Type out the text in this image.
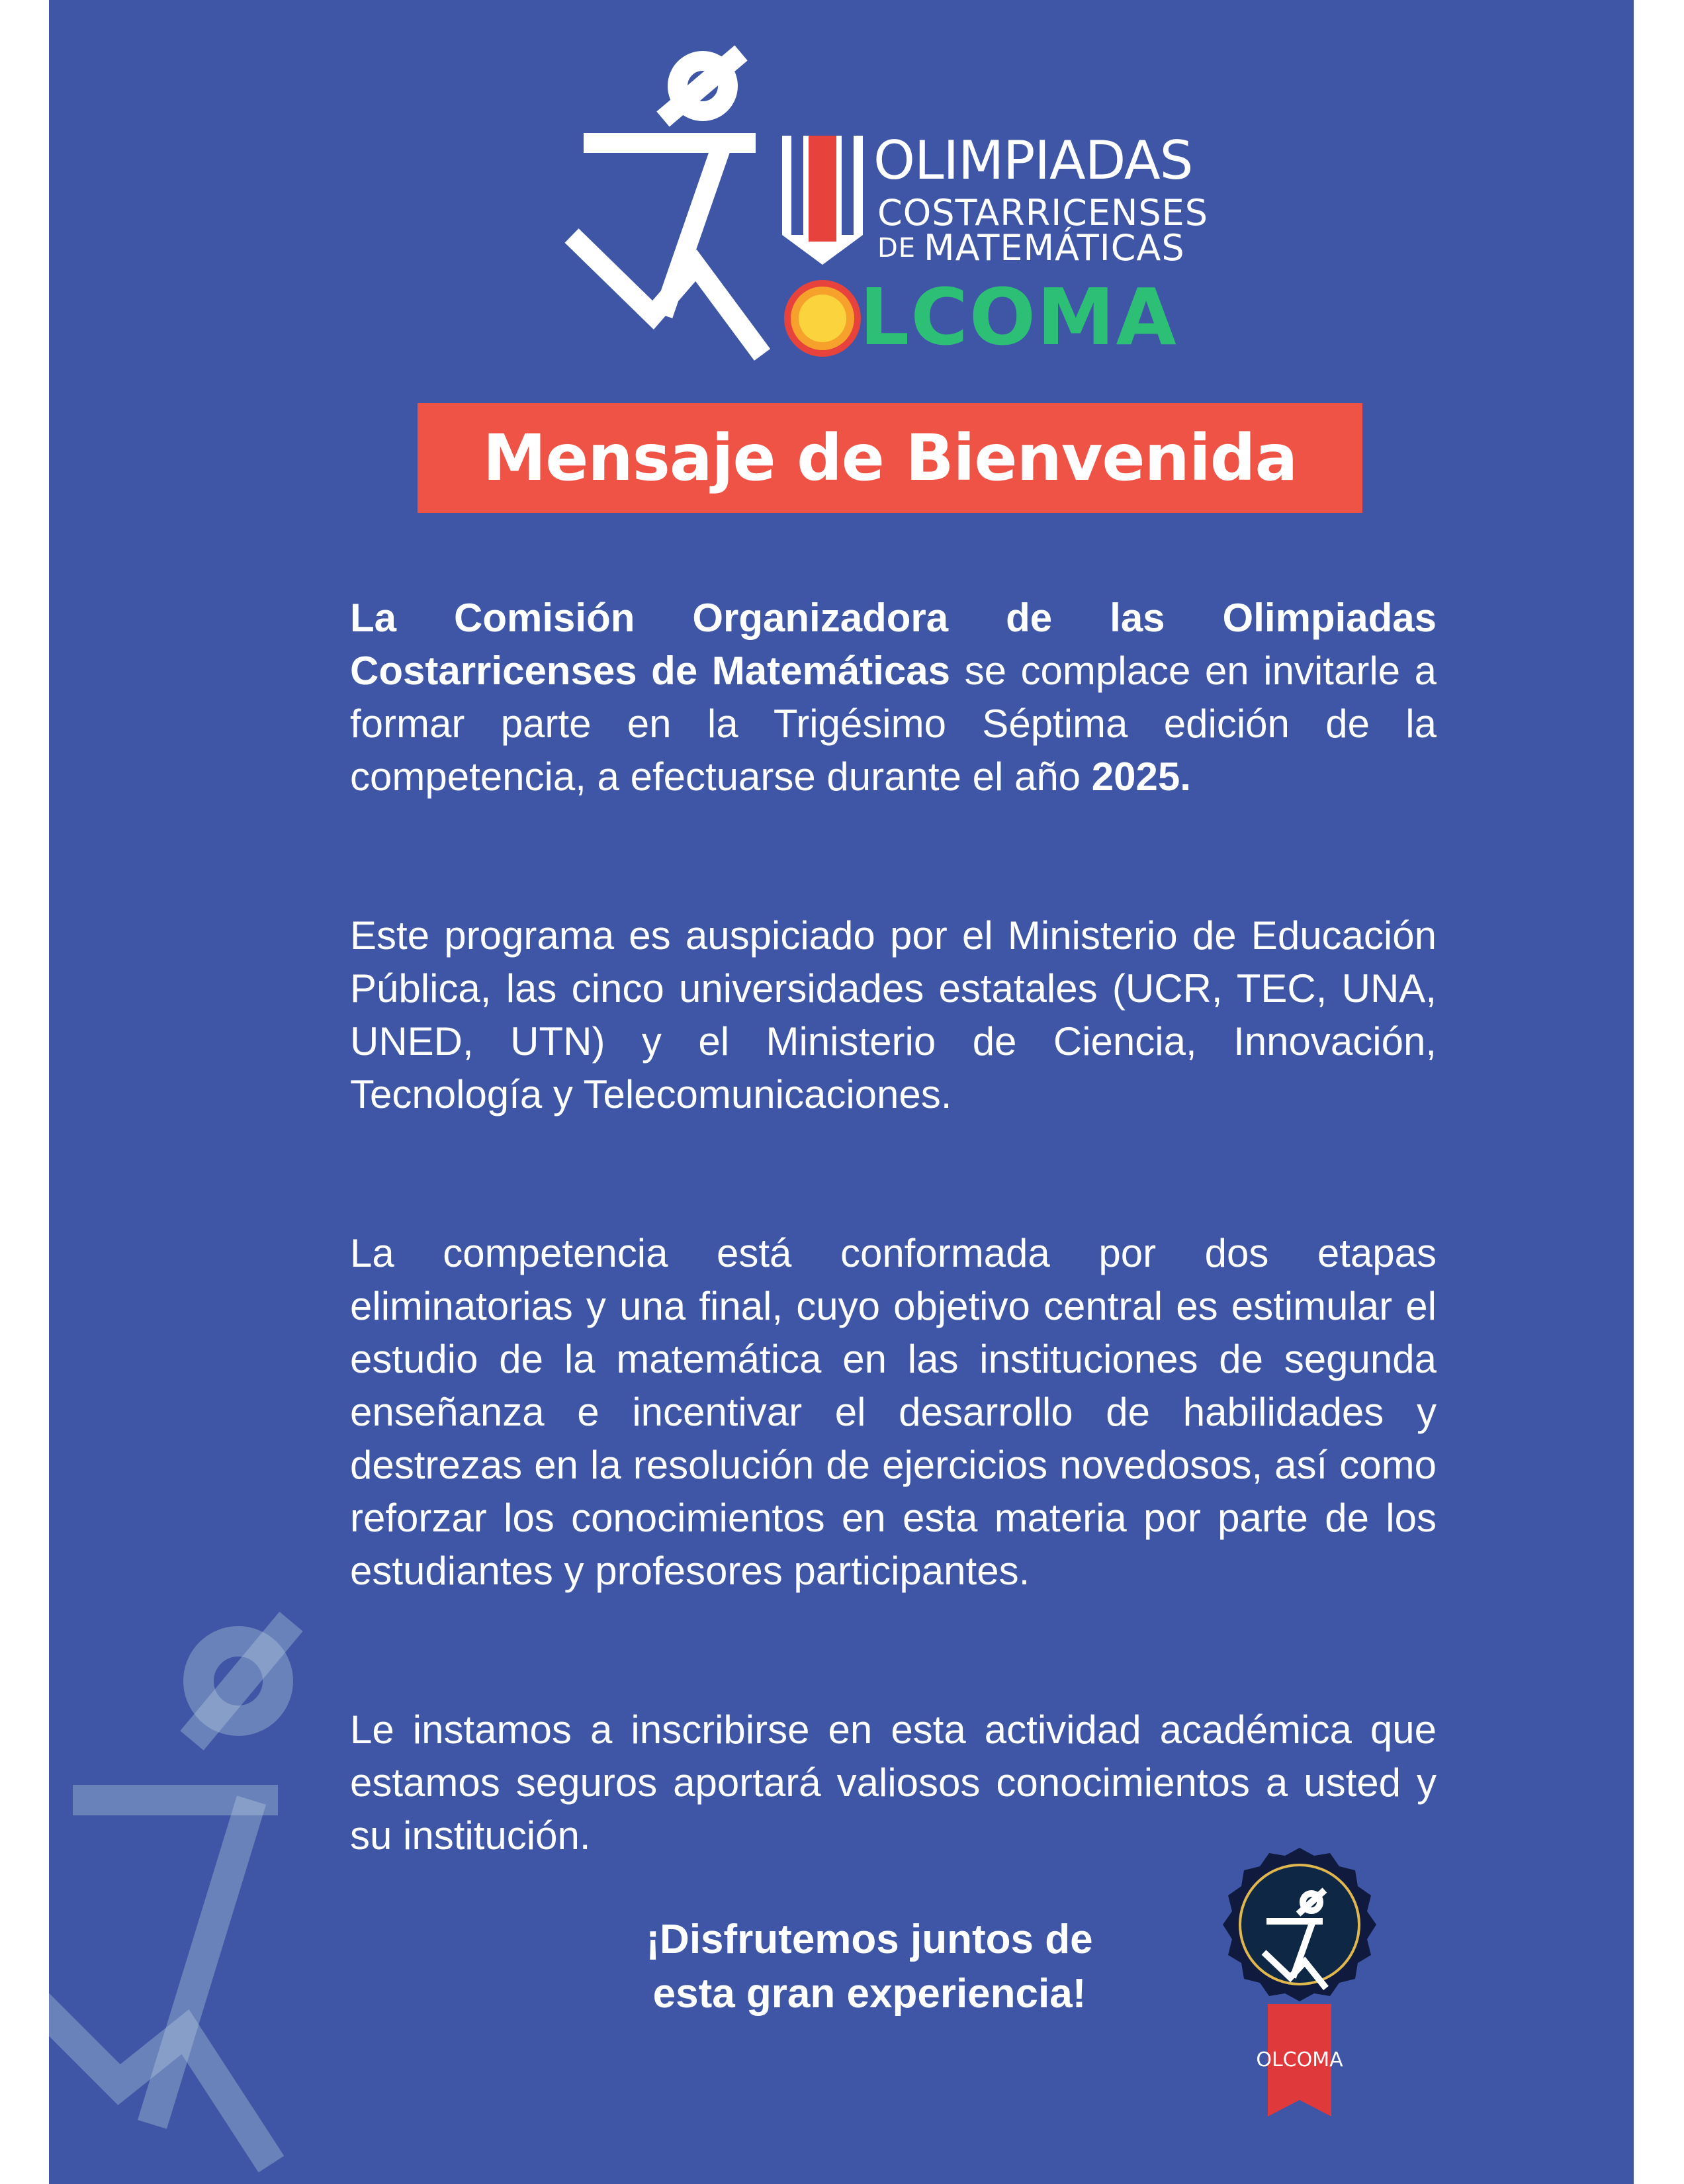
OLIMPIADAS
COSTARRICENSES
DE MATEMÁTICAS
LCOMA
Mensaje de Bienvenida

La Comisión Organizadora de las Olimpiadas Costarricenses de Matemáticas se complace en invitarle a formar parte en la Trigésimo Séptima edición de la competencia, a efectuarse durante el año 2025.

Este programa es auspiciado por el Ministerio de Educación Pública, las cinco universidades estatales (UCR, TEC, UNA, UNED, UTN) y el Ministerio de Ciencia, Innovación, Tecnología y Telecomunicaciones.

La competencia está conformada por dos etapas eliminatorias y una final, cuyo objetivo central es estimular el estudio de la matemática en las instituciones de segunda enseñanza e incentivar el desarrollo de habilidades y destrezas en la resolución de ejercicios novedosos, así como reforzar los conocimientos en esta materia por parte de los estudiantes y profesores participantes.

Le instamos a inscribirse en esta actividad académica que estamos seguros aportará valiosos conocimientos a usted y su institución.

¡Disfrutemos juntos de
esta gran experiencia!
OLCOMA
